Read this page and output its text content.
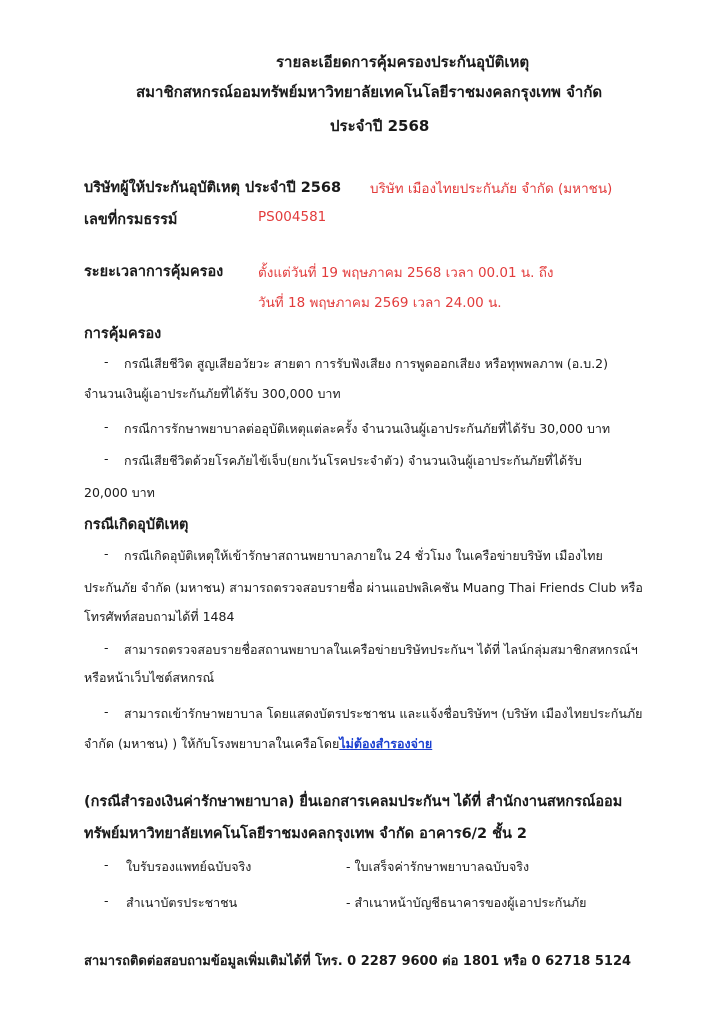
รายละเอียดการคุ้มครองประกันอุบัติเหตุ
สมาชิกสหกรณ์ออมทรัพย์มหาวิทยาลัยเทคโนโลยีราชมงคลกรุงเทพ จำกัด
ประจำปี 2568
บริษัทผู้ให้ประกันอุบัติเหตุ ประจำปี 2568 บริษัท เมืองไทยประกันภัย จำกัด (มหาชน)
เลขที่กรมธรรม์	PS004581
ระยะเวลาการคุ้มครอง	ตั้งแต่วันที่ 19 พฤษภาคม 2568 เวลา 00.01 น. ถึง
วันที่ 18 พฤษภาคม 2569 เวลา 24.00 น.
การคุ้มครอง
- กรณีเสียชีวิต สูญเสียอวัยวะ สายตา การรับฟังเสียง การพูดออกเสียง หรือทุพพลภาพ (อ.บ.2)
จำนวนเงินผู้เอาประกันภัยที่ได้รับ 300,000 บาท
- กรณีการรักษาพยาบาลต่ออุบัติเหตุแต่ละครั้ง จำนวนเงินผู้เอาประกันภัยที่ได้รับ 30,000 บาท
- กรณีเสียชีวิตด้วยโรคภัยไข้เจ็บ(ยกเว้นโรคประจำตัว) จำนวนเงินผู้เอาประกันภัยที่ได้รับ
20,000 บาท
กรณีเกิดอุบัติเหตุ
- กรณีเกิดอุบัติเหตุให้เข้ารักษาสถานพยาบาลภายใน 24 ชั่วโมง ในเครือข่ายบริษัท เมืองไทย
ประกันภัย จำกัด (มหาชน) สามารถตรวจสอบรายชื่อ ผ่านแอปพลิเคชัน Muang Thai Friends Club หรือ
โทรศัพท์สอบถามได้ที่ 1484
- สามารถตรวจสอบรายชื่อสถานพยาบาลในเครือข่ายบริษัทประกันฯ ได้ที่ ไลน์กลุ่มสมาชิกสหกรณ์ฯ
หรือหน้าเว็บไซต์สหกรณ์
- สามารถเข้ารักษาพยาบาล โดยแสดงบัตรประชาชน และแจ้งชื่อบริษัทฯ (บริษัท เมืองไทยประกันภัย
จำกัด (มหาชน) ) ให้กับโรงพยาบาลในเครือโดยไม่ต้องสำรองจ่าย
(กรณีสำรองเงินค่ารักษาพยาบาล) ยื่นเอกสารเคลมประกันฯ ได้ที่ สำนักงานสหกรณ์ออม
ทรัพย์มหาวิทยาลัยเทคโนโลยีราชมงคลกรุงเทพ จำกัด อาคาร6/2 ชั้น 2
- ใบรับรองแพทย์ฉบับจริง	- ใบเสร็จค่ารักษาพยาบาลฉบับจริง
- สำเนาบัตรประชาชน	- สำเนาหน้าบัญชีธนาคารของผู้เอาประกันภัย
สามารถติดต่อสอบถามข้อมูลเพิ่มเติมได้ที่ โทร. 0 2287 9600 ต่อ 1801 หรือ 0 62718 5124
